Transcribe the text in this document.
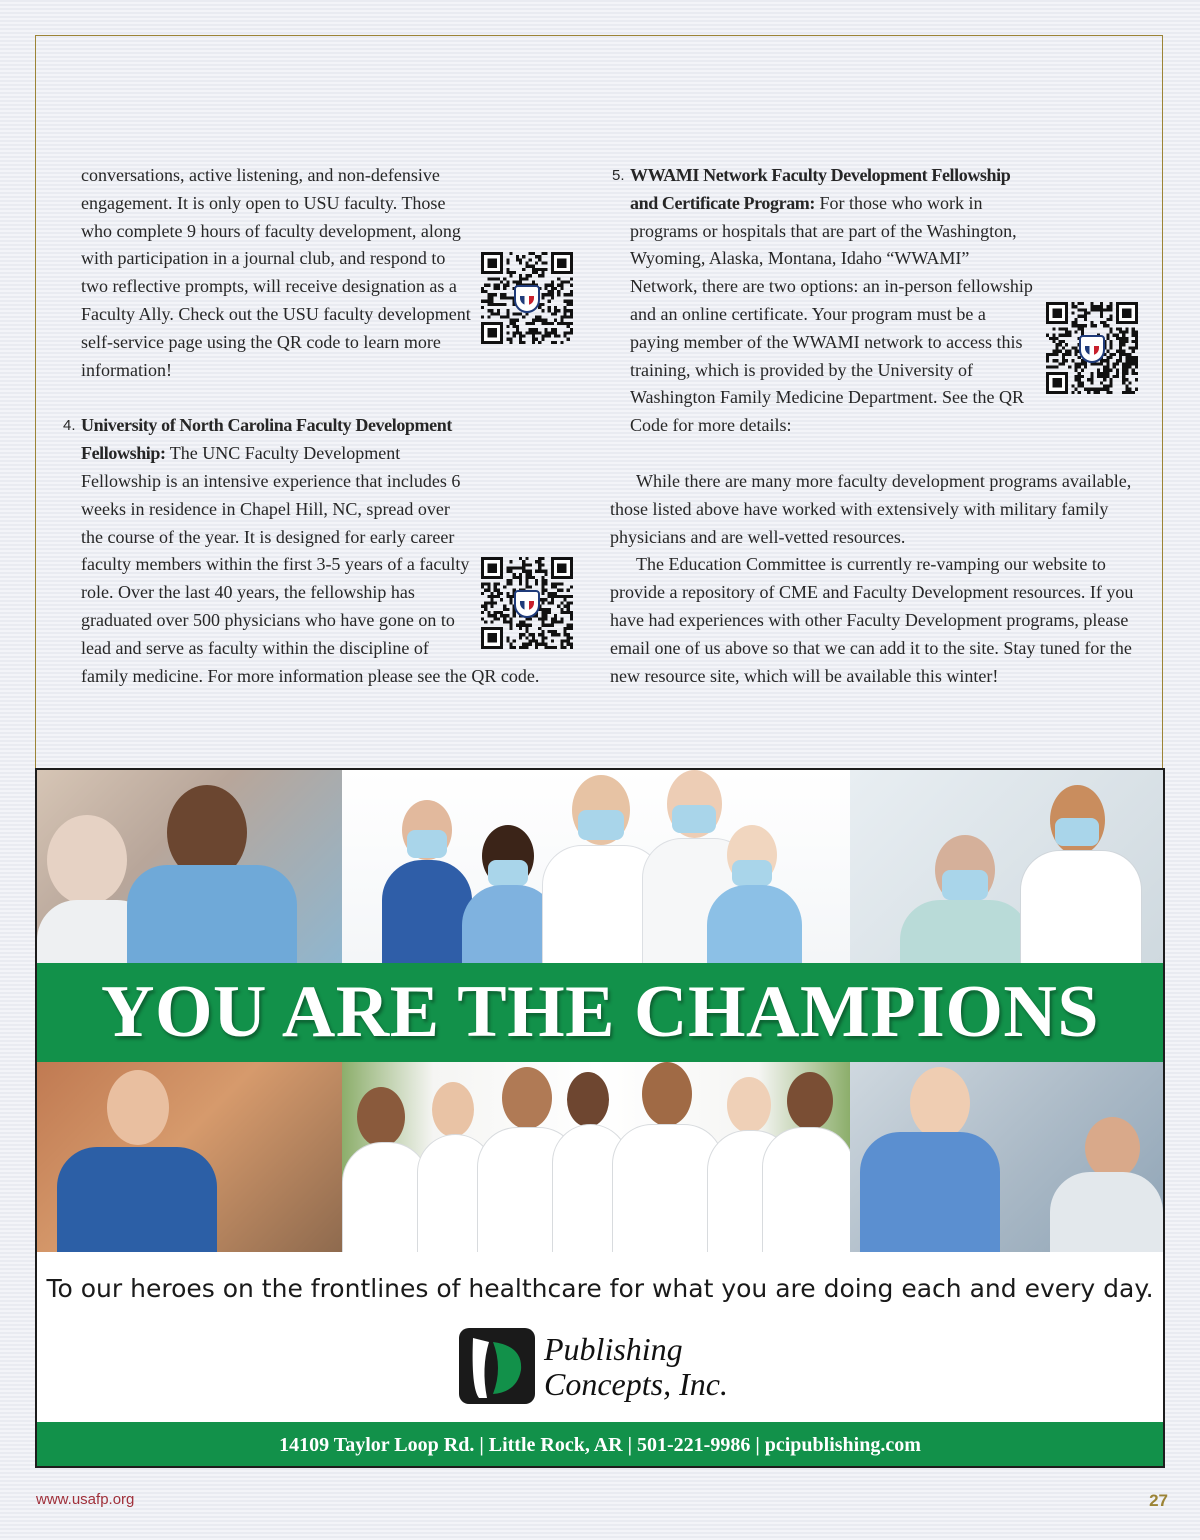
conversations, active listening, and non-defensive engagement. It is only open to USU faculty. Those who complete 9 hours of faculty development, along with participation in a journal club, and respond to two reflective prompts, will receive designation as a Faculty Ally. Check out the USU faculty development self-service page using the QR code to learn more information!

4. University of North Carolina Faculty Development Fellowship: The UNC Faculty Development Fellowship is an intensive experience that includes 6 weeks in residence in Chapel Hill, NC, spread over the course of the year. It is designed for early career faculty members within the first 3-5 years of a faculty role. Over the last 40 years, the fellowship has graduated over 500 physicians who have gone on to lead and serve as faculty within the discipline of family medicine. For more information please see the QR code.

5. WWAMI Network Faculty Development Fellowship and Certificate Program: For those who work in programs or hospitals that are part of the Washington, Wyoming, Alaska, Montana, Idaho “WWAMI” Network, there are two options: an in-person fellowship and an online certificate. Your program must be a paying member of the WWAMI network to access this training, which is provided by the University of Washington Family Medicine Department. See the QR Code for more details:

While there are many more faculty development programs available, those listed above have worked with extensively with military family physicians and are well-vetted resources.

The Education Committee is currently re-vamping our website to provide a repository of CME and Faculty Development resources. If you have had experiences with other Faculty Development programs, please email one of us above so that we can add it to the site. Stay tuned for the new resource site, which will be available this winter!

YOU ARE THE CHAMPIONS
To our heroes on the frontlines of healthcare for what you are doing each and every day.
Publishing
Concepts, Inc.
14109 Taylor Loop Rd. | Little Rock, AR | 501-221-9986 | pcipublishing.com
www.usafp.org	27
